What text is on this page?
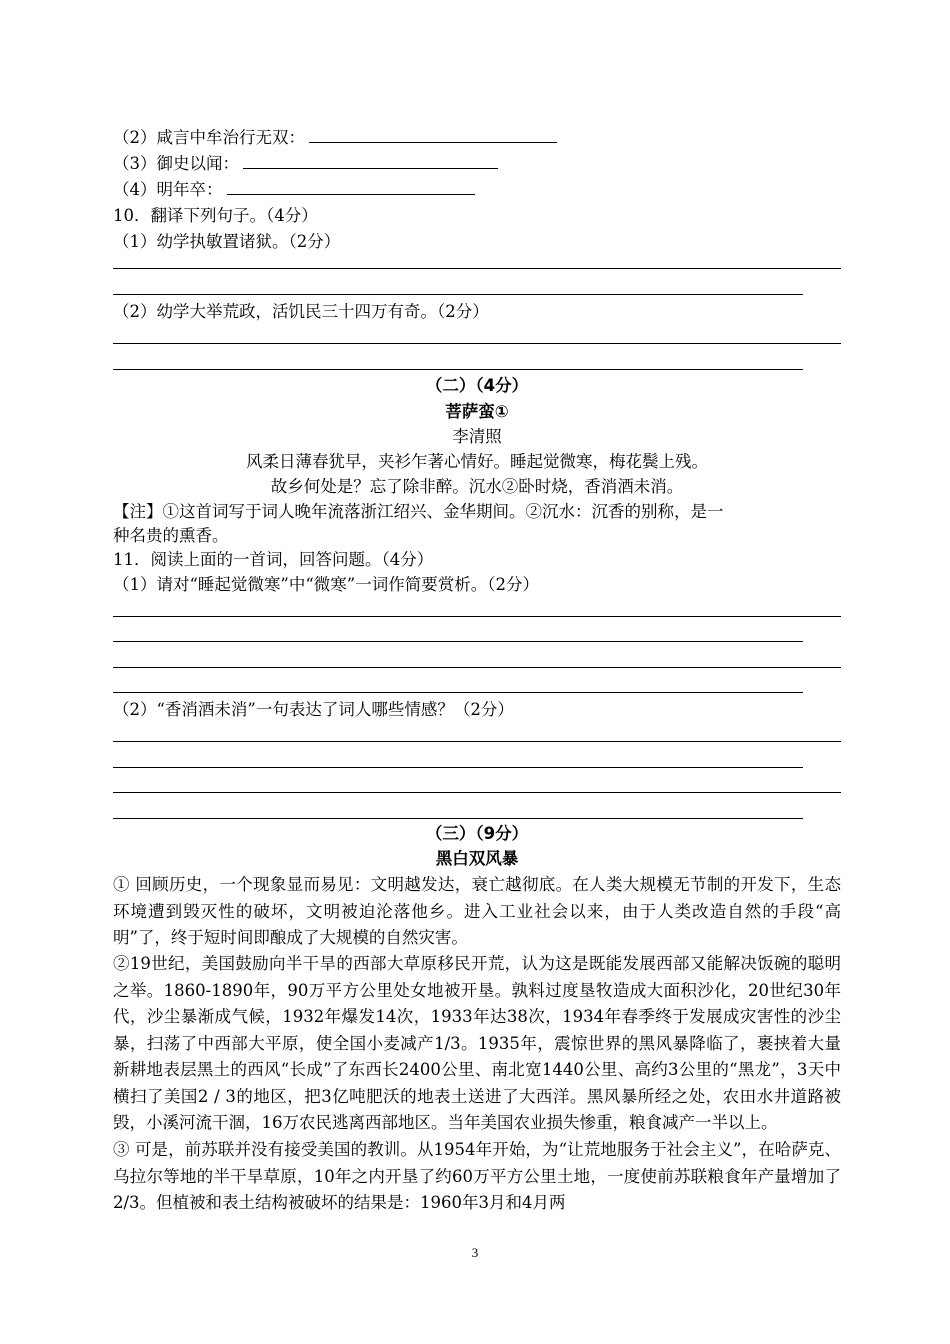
（2）咸言中牟治行无双：
（3）御史以闻：
（4）明年卒：
10．翻译下列句子。（4分）
（1）幼学执敏置诸狱。（2分）
（2）幼学大举荒政，活饥民三十四万有奇。（2分）
（二）（4分）
菩萨蛮①
李清照
风柔日薄春犹早，夹衫乍著心情好。睡起觉微寒，梅花鬓上残。
故乡何处是？忘了除非醉。沉水②卧时烧，香消酒未消。
【注】①这首词写于词人晚年流落浙江绍兴、金华期间。②沉水：沉香的别称，是一
种名贵的熏香。
11．阅读上面的一首词，回答问题。（4分）
（1）请对“睡起觉微寒”中“微寒”一词作简要赏析。（2分）
（2）“香消酒未消”一句表达了词人哪些情感？（2分）
（三）（9分）
黑白双风暴
① 回顾历史，一个现象显而易见：文明越发达，衰亡越彻底。在人类大规模无节制的开发下，生态环境遭到毁灭性的破坏，文明被迫沦落他乡。进入工业社会以来，由于人类改造自然的手段“高明”了，终于短时间即酿成了大规模的自然灾害。
②19世纪，美国鼓励向半干旱的西部大草原移民开荒，认为这是既能发展西部又能解决饭碗的聪明之举。1860-1890年，90万平方公里处女地被开垦。孰料过度垦牧造成大面积沙化，20世纪30年代，沙尘暴渐成气候，1932年爆发14次，1933年达38次，1934年春季终于发展成灾害性的沙尘暴，扫荡了中西部大平原，使全国小麦减产1/3。1935年，震惊世界的黑风暴降临了，裹挟着大量新耕地表层黑土的西风“长成”了东西长2400公里、南北宽1440公里、高约3公里的“黑龙”，3天中横扫了美国2 / 3的地区，把3亿吨肥沃的地表土送进了大西洋。黑风暴所经之处，农田水井道路被毁，小溪河流干涸，16万农民逃离西部地区。当年美国农业损失惨重，粮食减产一半以上。
③ 可是，前苏联并没有接受美国的教训。从1954年开始，为“让荒地服务于社会主义”，在哈萨克、乌拉尔等地的半干旱草原，10年之内开垦了约60万平方公里土地，一度使前苏联粮食年产量增加了2/3。但植被和表土结构被破坏的结果是：1960年3月和4月两
3
